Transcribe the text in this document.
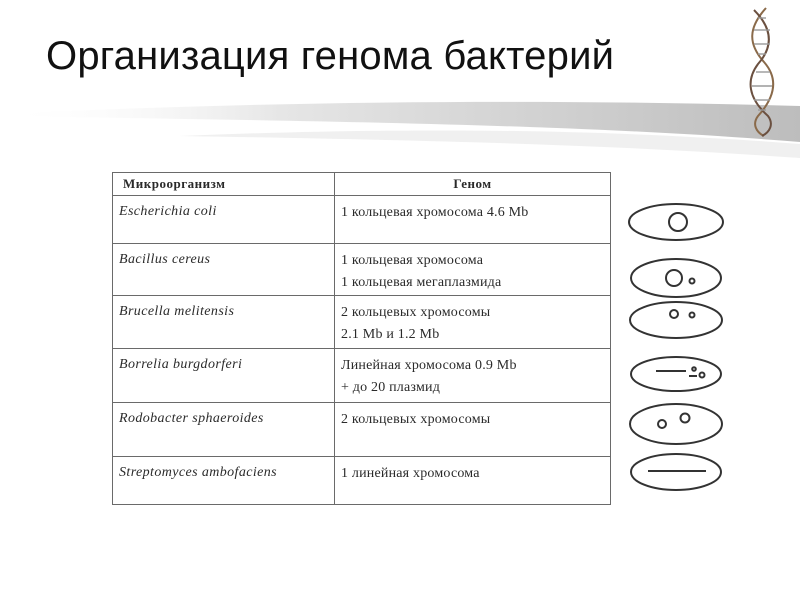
Организация генома бактерий
Микроорганизм	Геном

Escherichia coli	1 кольцевая хромосома 4.6 Mb

Bacillus cereus	1 кольцевая хромосома
1 кольцевая мегаплазмида

Brucella melitensis	2 кольцевых хромосомы
2.1 Mb и 1.2 Mb

Borrelia burgdorferi	Линейная хромосома 0.9 Mb
+ до 20 плазмид

Rodobacter sphaeroides	2 кольцевых хромосомы

Streptomyces ambofaciens	1 линейная хромосома
